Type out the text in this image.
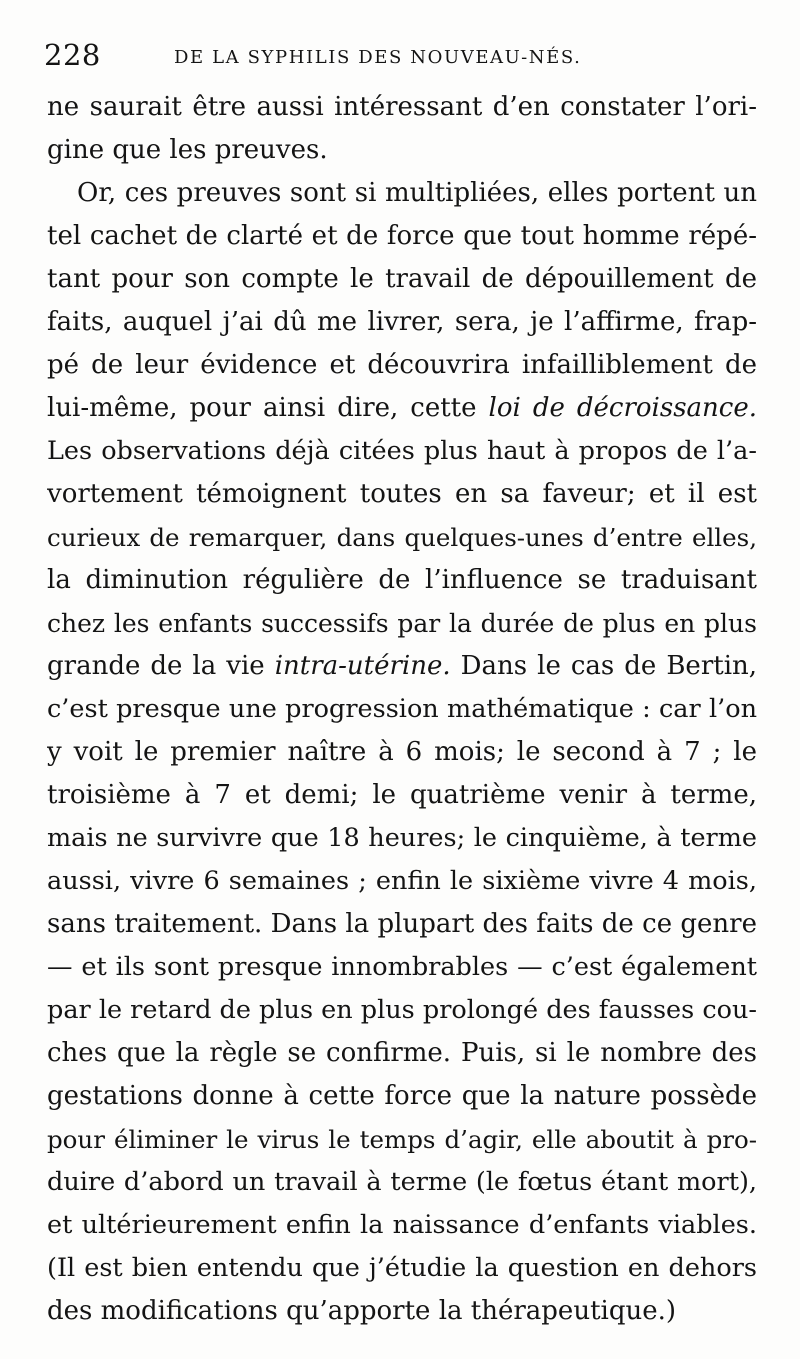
228	DE LA SYPHILIS DES NOUVEAU-NÉS.
ne saurait être aussi intéressant d’en constater l’ori-
gine que les preuves.
Or, ces preuves sont si multipliées, elles portent un
tel cachet de clarté et de force que tout homme répé-
tant pour son compte le travail de dépouillement de
faits, auquel j’ai dû me livrer, sera, je l’affirme, frap-
pé de leur évidence et découvrira infailliblement de
lui-même, pour ainsi dire, cette loi de décroissance.
Les observations déjà citées plus haut à propos de l’a-
vortement témoignent toutes en sa faveur; et il est
curieux de remarquer, dans quelques-unes d’entre elles,
la diminution régulière de l’influence se traduisant
chez les enfants successifs par la durée de plus en plus
grande de la vie intra-utérine. Dans le cas de Bertin,
c’est presque une progression mathématique : car l’on
y voit le premier naître à 6 mois; le second à 7 ; le
troisième à 7 et demi; le quatrième venir à terme,
mais ne survivre que 18 heures; le cinquième, à terme
aussi, vivre 6 semaines ; enfin le sixième vivre 4 mois,
sans traitement. Dans la plupart des faits de ce genre
— et ils sont presque innombrables — c’est également
par le retard de plus en plus prolongé des fausses cou-
ches que la règle se confirme. Puis, si le nombre des
gestations donne à cette force que la nature possède
pour éliminer le virus le temps d’agir, elle aboutit à pro-
duire d’abord un travail à terme (le fœtus étant mort),
et ultérieurement enfin la naissance d’enfants viables.
(Il est bien entendu que j’étudie la question en dehors
des modifications qu’apporte la thérapeutique.)
